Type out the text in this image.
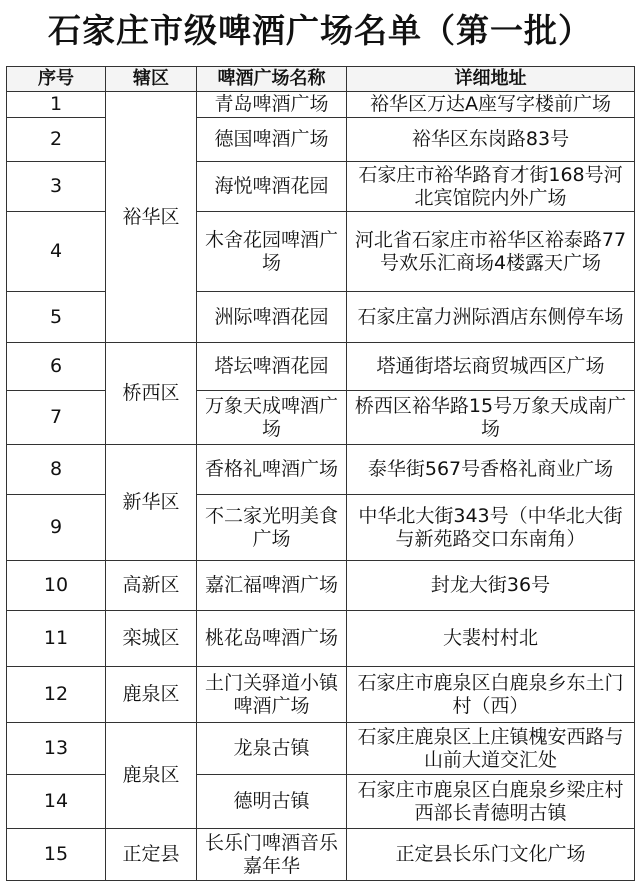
石家庄市级啤酒广场名单（第一批）
序号	辖区	啤酒广场名称	详细地址
1	裕华区	青岛啤酒广场	裕华区万达A座写字楼前广场
2		德国啤酒广场	裕华区东岗路83号
3		海悦啤酒花园	石家庄市裕华路育才街168号河北宾馆院内外广场
4		木舍花园啤酒广场	河北省石家庄市裕华区裕泰路77号欢乐汇商场4楼露天广场
5		洲际啤酒花园	石家庄富力洲际酒店东侧停车场
6	桥西区	塔坛啤酒花园	塔通街塔坛商贸城西区广场
7		万象天成啤酒广场	桥西区裕华路15号万象天成南广场
8	新华区	香格礼啤酒广场	泰华街567号香格礼商业广场
9		不二家光明美食广场	中华北大街343号（中华北大街与新苑路交口东南角）
10	高新区	嘉汇福啤酒广场	封龙大街36号
11	栾城区	桃花岛啤酒广场	大裴村村北
12	鹿泉区	土门关驿道小镇啤酒广场	石家庄市鹿泉区白鹿泉乡东土门村（西）
13	鹿泉区	龙泉古镇	石家庄鹿泉区上庄镇槐安西路与山前大道交汇处
14		德明古镇	石家庄市鹿泉区白鹿泉乡梁庄村西部长青德明古镇
15	正定县	长乐门啤酒音乐嘉年华	正定县长乐门文化广场
